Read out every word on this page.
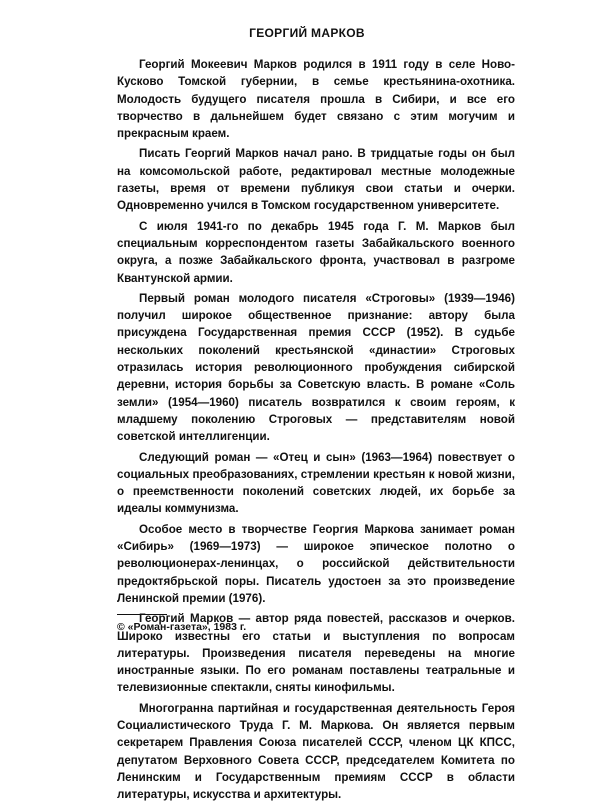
ГЕОРГИЙ МАРКОВ

Георгий Мокеевич Марков родился в 1911 году в селе Ново-Кусково Томской губернии, в семье крестьянина-охотника. Молодость будущего писателя прошла в Сибири, и все его творчество в дальнейшем будет связано с этим могучим и прекрасным краем.

Писать Георгий Марков начал рано. В тридцатые годы он был на комсомольской работе, редактировал местные молодежные газеты, время от времени публикуя свои статьи и очерки. Одновременно учился в Томском государственном университете.

С июля 1941-го по декабрь 1945 года Г. М. Марков был специальным корреспондентом газеты Забайкальского военного округа, а позже Забайкальского фронта, участвовал в разгроме Квантунской армии.

Первый роман молодого писателя «Строговы» (1939—1946) получил широкое общественное признание: автору была присуждена Государственная премия СССР (1952). В судьбе нескольких поколений крестьянской «династии» Строговых отразилась история революционного пробуждения сибирской деревни, история борьбы за Советскую власть. В романе «Соль земли» (1954—1960) писатель возвратился к своим героям, к младшему поколению Строговых — представителям новой советской интеллигенции.

Следующий роман — «Отец и сын» (1963—1964) повествует о социальных преобразованиях, стремлении крестьян к новой жизни, о преемственности поколений советских людей, их борьбе за идеалы коммунизма.

Особое место в творчестве Георгия Маркова занимает роман «Сибирь» (1969—1973) — широкое эпическое полотно о революционерах-ленинцах, о российской действительности предоктябрьской поры. Писатель удостоен за это произведение Ленинской премии (1976).

Георгий Марков — автор ряда повестей, рассказов и очерков. Широко известны его статьи и выступления по вопросам литературы. Произведения писателя переведены на многие иностранные языки. По его романам поставлены театральные и телевизионные спектакли, сняты кинофильмы.

Многогранна партийная и государственная деятельность Героя Социалистического Труда Г. М. Маркова. Он является первым секретарем Правления Союза писателей СССР, членом ЦК КПСС, депутатом Верховного Совета СССР, председателем Комитета по Ленинским и Государственным премиям СССР в области литературы, искусства и архитектуры.

© «Роман-газета», 1983 г.
